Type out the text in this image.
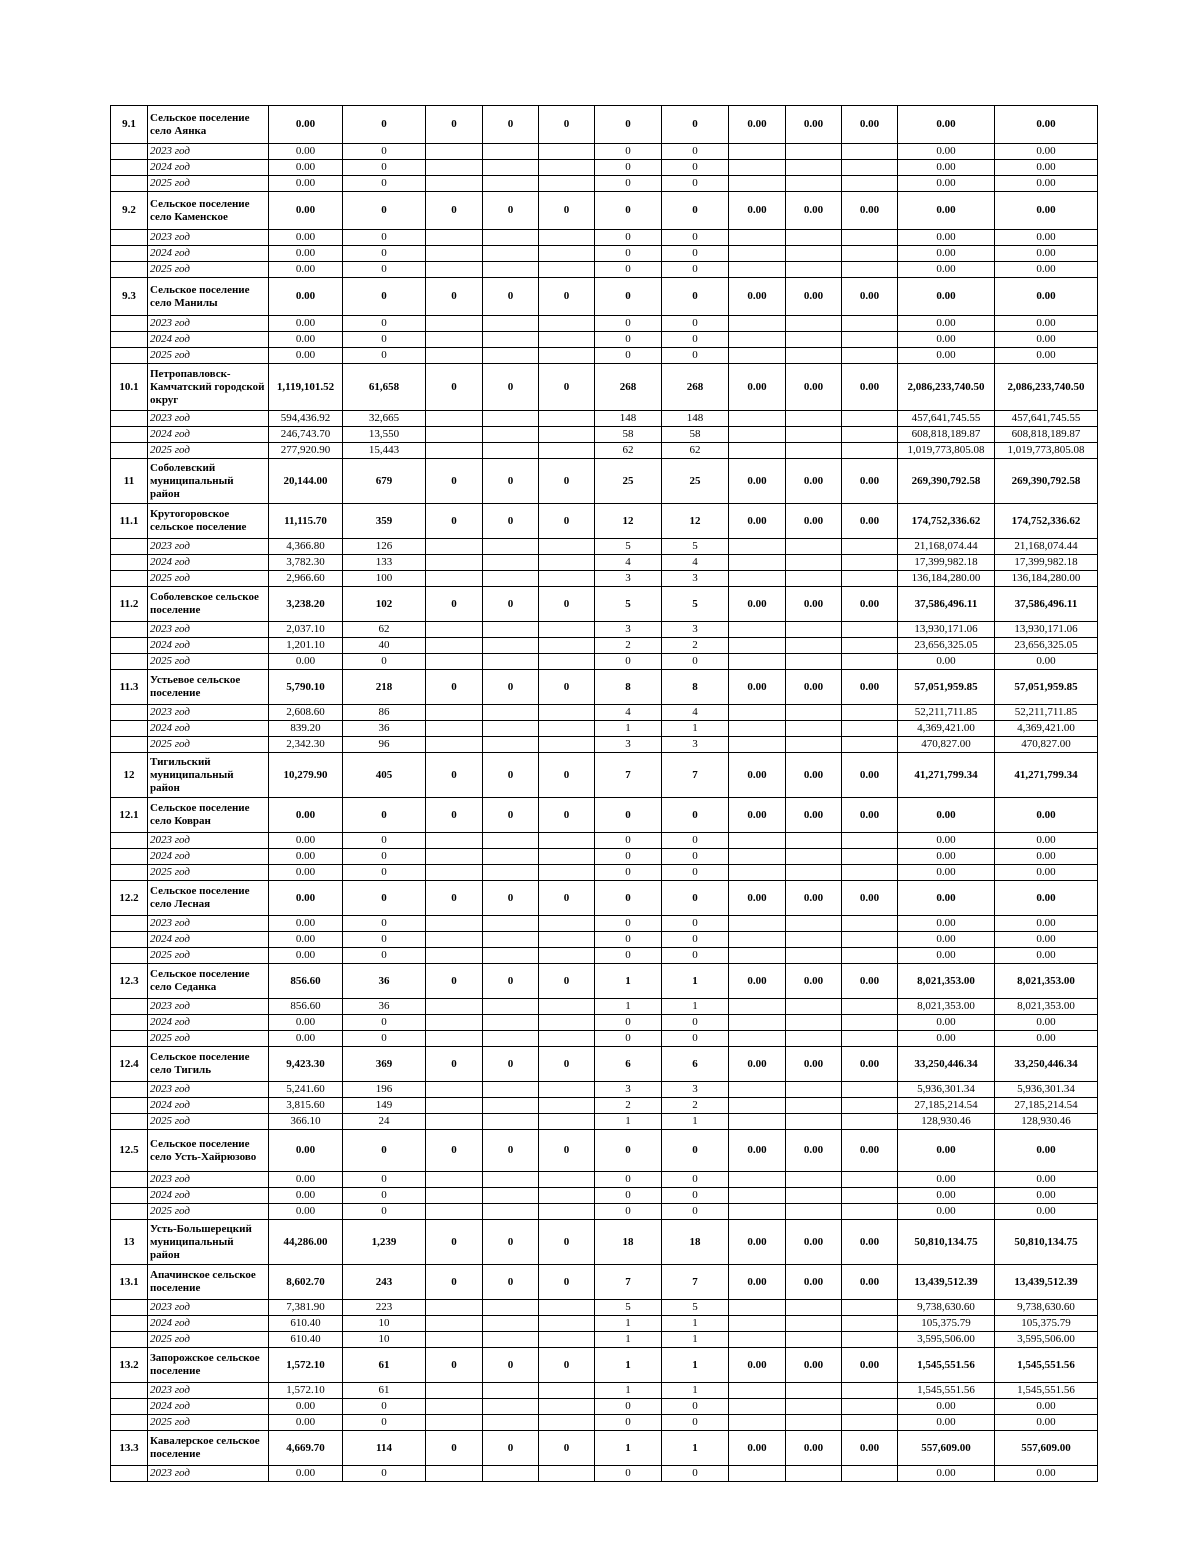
9.1	Сельское поселение село Аянка	0.00	0	0	0	0	0	0	0.00	0.00	0.00	0.00	0.00
	2023 год	0.00	0				0	0				0.00	0.00
	2024 год	0.00	0				0	0				0.00	0.00
	2025 год	0.00	0				0	0				0.00	0.00
9.2	Сельское поселение село Каменское	0.00	0	0	0	0	0	0	0.00	0.00	0.00	0.00	0.00
	2023 год	0.00	0				0	0				0.00	0.00
	2024 год	0.00	0				0	0				0.00	0.00
	2025 год	0.00	0				0	0				0.00	0.00
9.3	Сельское поселение село Манилы	0.00	0	0	0	0	0	0	0.00	0.00	0.00	0.00	0.00
	2023 год	0.00	0				0	0				0.00	0.00
	2024 год	0.00	0				0	0				0.00	0.00
	2025 год	0.00	0				0	0				0.00	0.00
10.1	Петропавловск-Камчатский городской округ	1,119,101.52	61,658	0	0	0	268	268	0.00	0.00	0.00	2,086,233,740.50	2,086,233,740.50
	2023 год	594,436.92	32,665				148	148				457,641,745.55	457,641,745.55
	2024 год	246,743.70	13,550				58	58				608,818,189.87	608,818,189.87
	2025 год	277,920.90	15,443				62	62				1,019,773,805.08	1,019,773,805.08
11	Соболевский муниципальный район	20,144.00	679	0	0	0	25	25	0.00	0.00	0.00	269,390,792.58	269,390,792.58
11.1	Крутогоровское сельское поселение	11,115.70	359	0	0	0	12	12	0.00	0.00	0.00	174,752,336.62	174,752,336.62
	2023 год	4,366.80	126				5	5				21,168,074.44	21,168,074.44
	2024 год	3,782.30	133				4	4				17,399,982.18	17,399,982.18
	2025 год	2,966.60	100				3	3				136,184,280.00	136,184,280.00
11.2	Соболевское сельское поселение	3,238.20	102	0	0	0	5	5	0.00	0.00	0.00	37,586,496.11	37,586,496.11
	2023 год	2,037.10	62				3	3				13,930,171.06	13,930,171.06
	2024 год	1,201.10	40				2	2				23,656,325.05	23,656,325.05
	2025 год	0.00	0				0	0				0.00	0.00
11.3	Устьевое сельское поселение	5,790.10	218	0	0	0	8	8	0.00	0.00	0.00	57,051,959.85	57,051,959.85
	2023 год	2,608.60	86				4	4				52,211,711.85	52,211,711.85
	2024 год	839.20	36				1	1				4,369,421.00	4,369,421.00
	2025 год	2,342.30	96				3	3				470,827.00	470,827.00
12	Тигильский муниципальный район	10,279.90	405	0	0	0	7	7	0.00	0.00	0.00	41,271,799.34	41,271,799.34
12.1	Сельское поселение село Ковран	0.00	0	0	0	0	0	0	0.00	0.00	0.00	0.00	0.00
	2023 год	0.00	0				0	0				0.00	0.00
	2024 год	0.00	0				0	0				0.00	0.00
	2025 год	0.00	0				0	0				0.00	0.00
12.2	Сельское поселение село Лесная	0.00	0	0	0	0	0	0	0.00	0.00	0.00	0.00	0.00
	2023 год	0.00	0				0	0				0.00	0.00
	2024 год	0.00	0				0	0				0.00	0.00
	2025 год	0.00	0				0	0				0.00	0.00
12.3	Сельское поселение село Седанка	856.60	36	0	0	0	1	1	0.00	0.00	0.00	8,021,353.00	8,021,353.00
	2023 год	856.60	36				1	1				8,021,353.00	8,021,353.00
	2024 год	0.00	0				0	0				0.00	0.00
	2025 год	0.00	0				0	0				0.00	0.00
12.4	Сельское поселение село Тигиль	9,423.30	369	0	0	0	6	6	0.00	0.00	0.00	33,250,446.34	33,250,446.34
	2023 год	5,241.60	196				3	3				5,936,301.34	5,936,301.34
	2024 год	3,815.60	149				2	2				27,185,214.54	27,185,214.54
	2025 год	366.10	24				1	1				128,930.46	128,930.46
12.5	Сельское поселение село Усть-Хайрюзово	0.00	0	0	0	0	0	0	0.00	0.00	0.00	0.00	0.00
	2023 год	0.00	0				0	0				0.00	0.00
	2024 год	0.00	0				0	0				0.00	0.00
	2025 год	0.00	0				0	0				0.00	0.00
13	Усть-Большерецкий муниципальный район	44,286.00	1,239	0	0	0	18	18	0.00	0.00	0.00	50,810,134.75	50,810,134.75
13.1	Апачинское сельское поселение	8,602.70	243	0	0	0	7	7	0.00	0.00	0.00	13,439,512.39	13,439,512.39
	2023 год	7,381.90	223				5	5				9,738,630.60	9,738,630.60
	2024 год	610.40	10				1	1				105,375.79	105,375.79
	2025 год	610.40	10				1	1				3,595,506.00	3,595,506.00
13.2	Запорожское сельское поселение	1,572.10	61	0	0	0	1	1	0.00	0.00	0.00	1,545,551.56	1,545,551.56
	2023 год	1,572.10	61				1	1				1,545,551.56	1,545,551.56
	2024 год	0.00	0				0	0				0.00	0.00
	2025 год	0.00	0				0	0				0.00	0.00
13.3	Кавалерское сельское поселение	4,669.70	114	0	0	0	1	1	0.00	0.00	0.00	557,609.00	557,609.00
	2023 год	0.00	0				0	0				0.00	0.00
